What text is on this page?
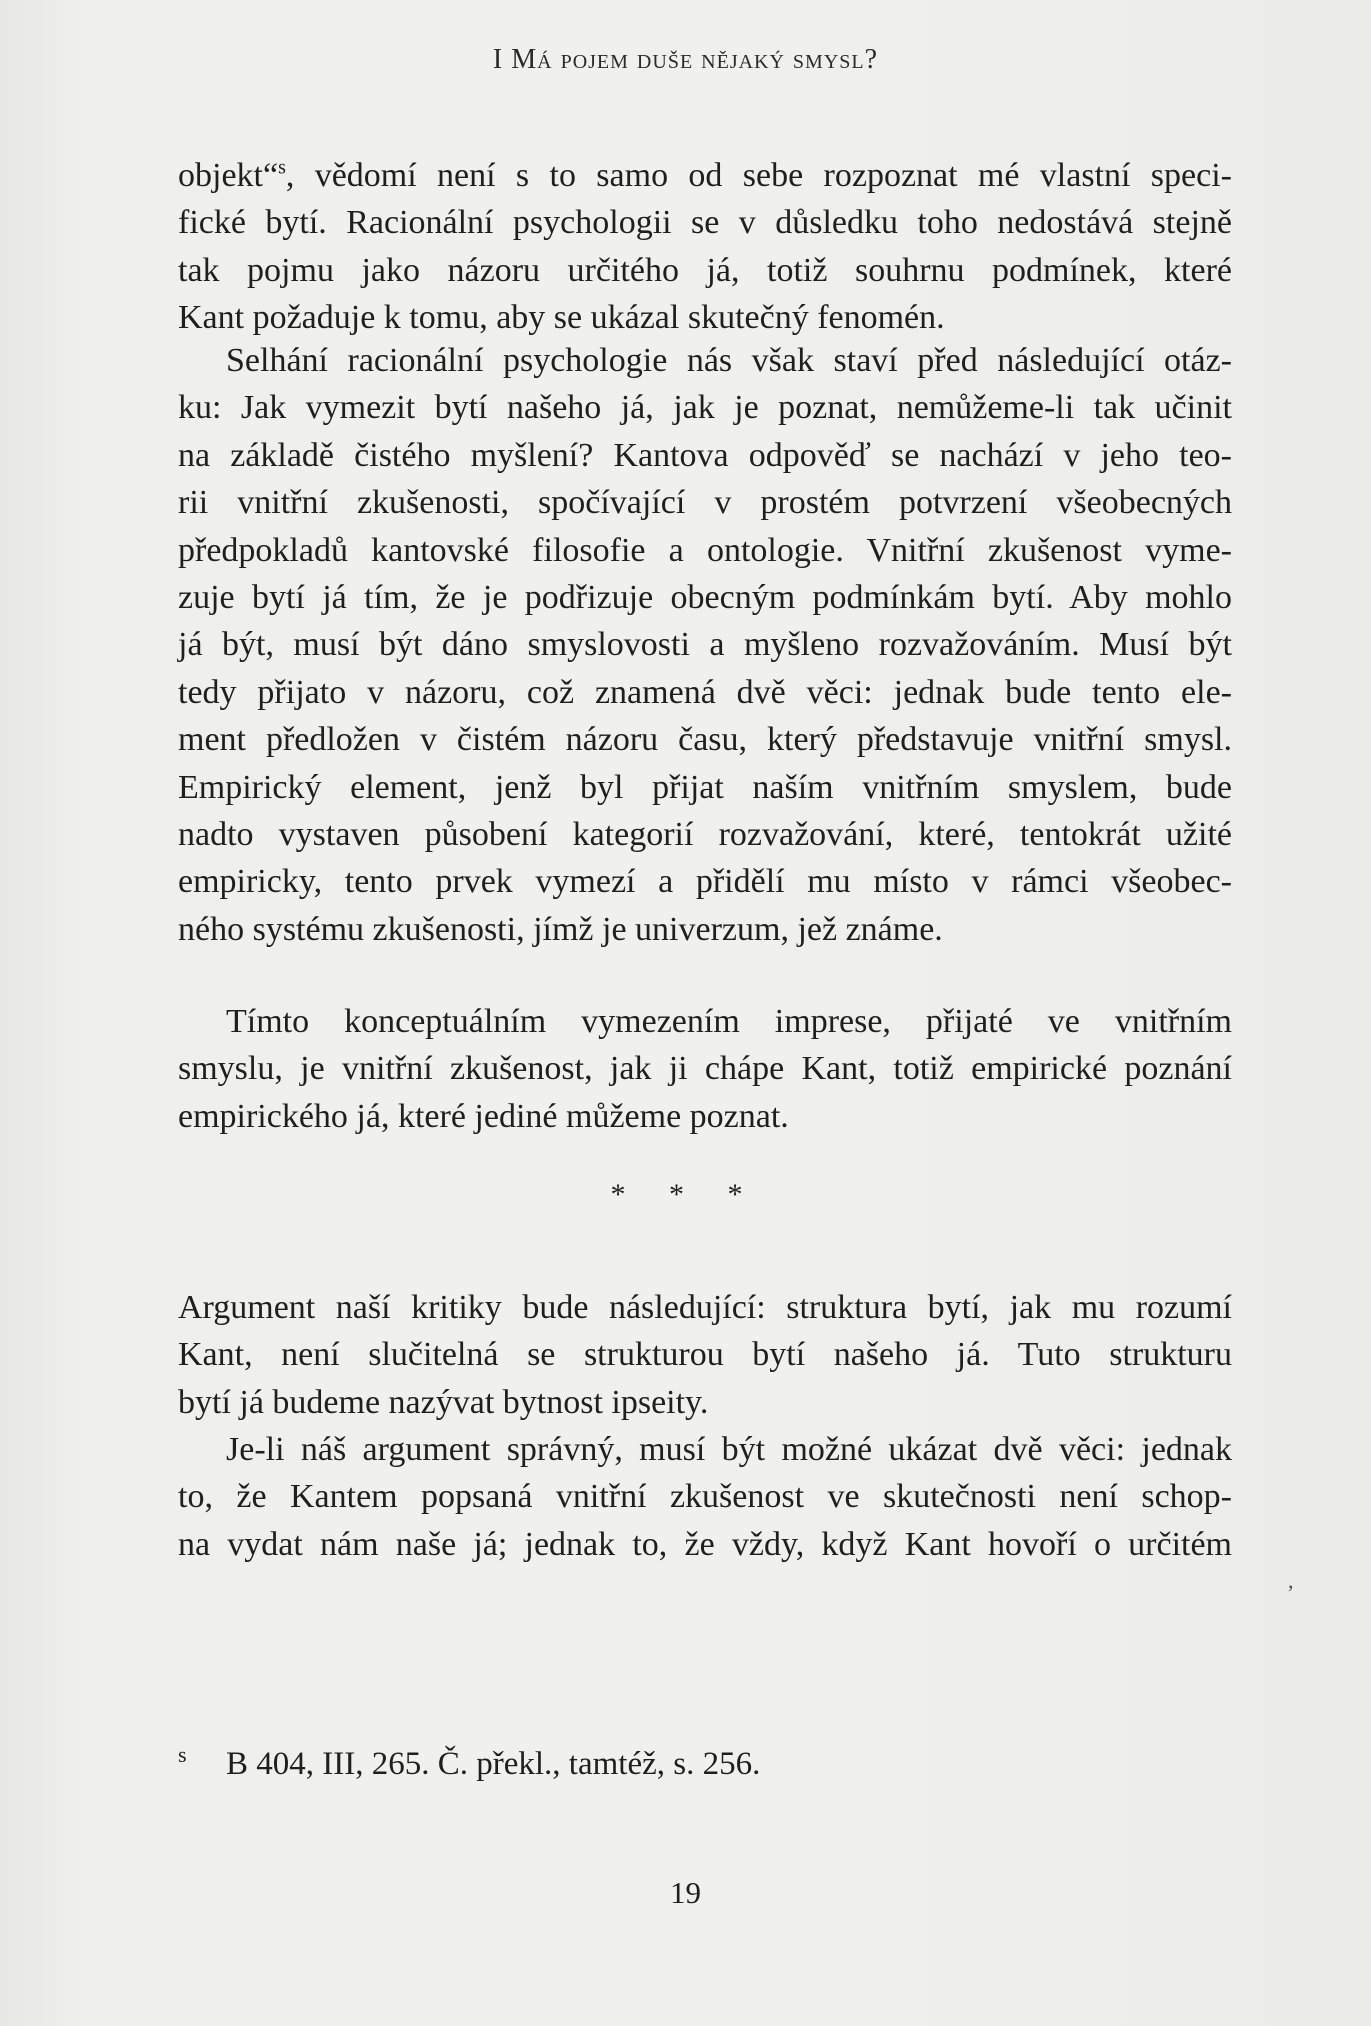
I Má pojem duše nějaký smysl?
objekt“$^s$, vědomí není s to samo od sebe rozpoznat mé vlastní speci-
fické bytí. Racionální psychologii se v důsledku toho nedostává stejně
tak pojmu jako názoru určitého já, totiž souhrnu podmínek, které
Kant požaduje k tomu, aby se ukázal skutečný fenomén.
Selhání racionální psychologie nás však staví před následující otáz-
ku: Jak vymezit bytí našeho já, jak je poznat, nemůžeme-li tak učinit
na základě čistého myšlení? Kantova odpověď se nachází v jeho teo-
rii vnitřní zkušenosti, spočívající v prostém potvrzení všeobecných
předpokladů kantovské filosofie a ontologie. Vnitřní zkušenost vyme-
zuje bytí já tím, že je podřizuje obecným podmínkám bytí. Aby mohlo
já být, musí být dáno smyslovosti a myšleno rozvažováním. Musí být
tedy přijato v názoru, což znamená dvě věci: jednak bude tento ele-
ment předložen v čistém názoru času, který představuje vnitřní smysl.
Empirický element, jenž byl přijat naším vnitřním smyslem, bude
nadto vystaven působení kategorií rozvažování, které, tentokrát užité
empiricky, tento prvek vymezí a přidělí mu místo v rámci všeobec-
ného systému zkušenosti, jímž je univerzum, jež známe.
Tímto konceptuálním vymezením imprese, přijaté ve vnitřním
smyslu, je vnitřní zkušenost, jak ji chápe Kant, totiž empirické poznání
empirického já, které jediné můžeme poznat.
* * *
Argument naší kritiky bude následující: struktura bytí, jak mu rozumí
Kant, není slučitelná se strukturou bytí našeho já. Tuto strukturu
bytí já budeme nazývat bytnost ipseity.
Je-li náš argument správný, musí být možné ukázat dvě věci: jednak
to, že Kantem popsaná vnitřní zkušenost ve skutečnosti není schop-
na vydat nám naše já; jednak to, že vždy, když Kant hovoří o určitém
,
s B 404, III, 265. Č. překl., tamtéž, s. 256.
19
